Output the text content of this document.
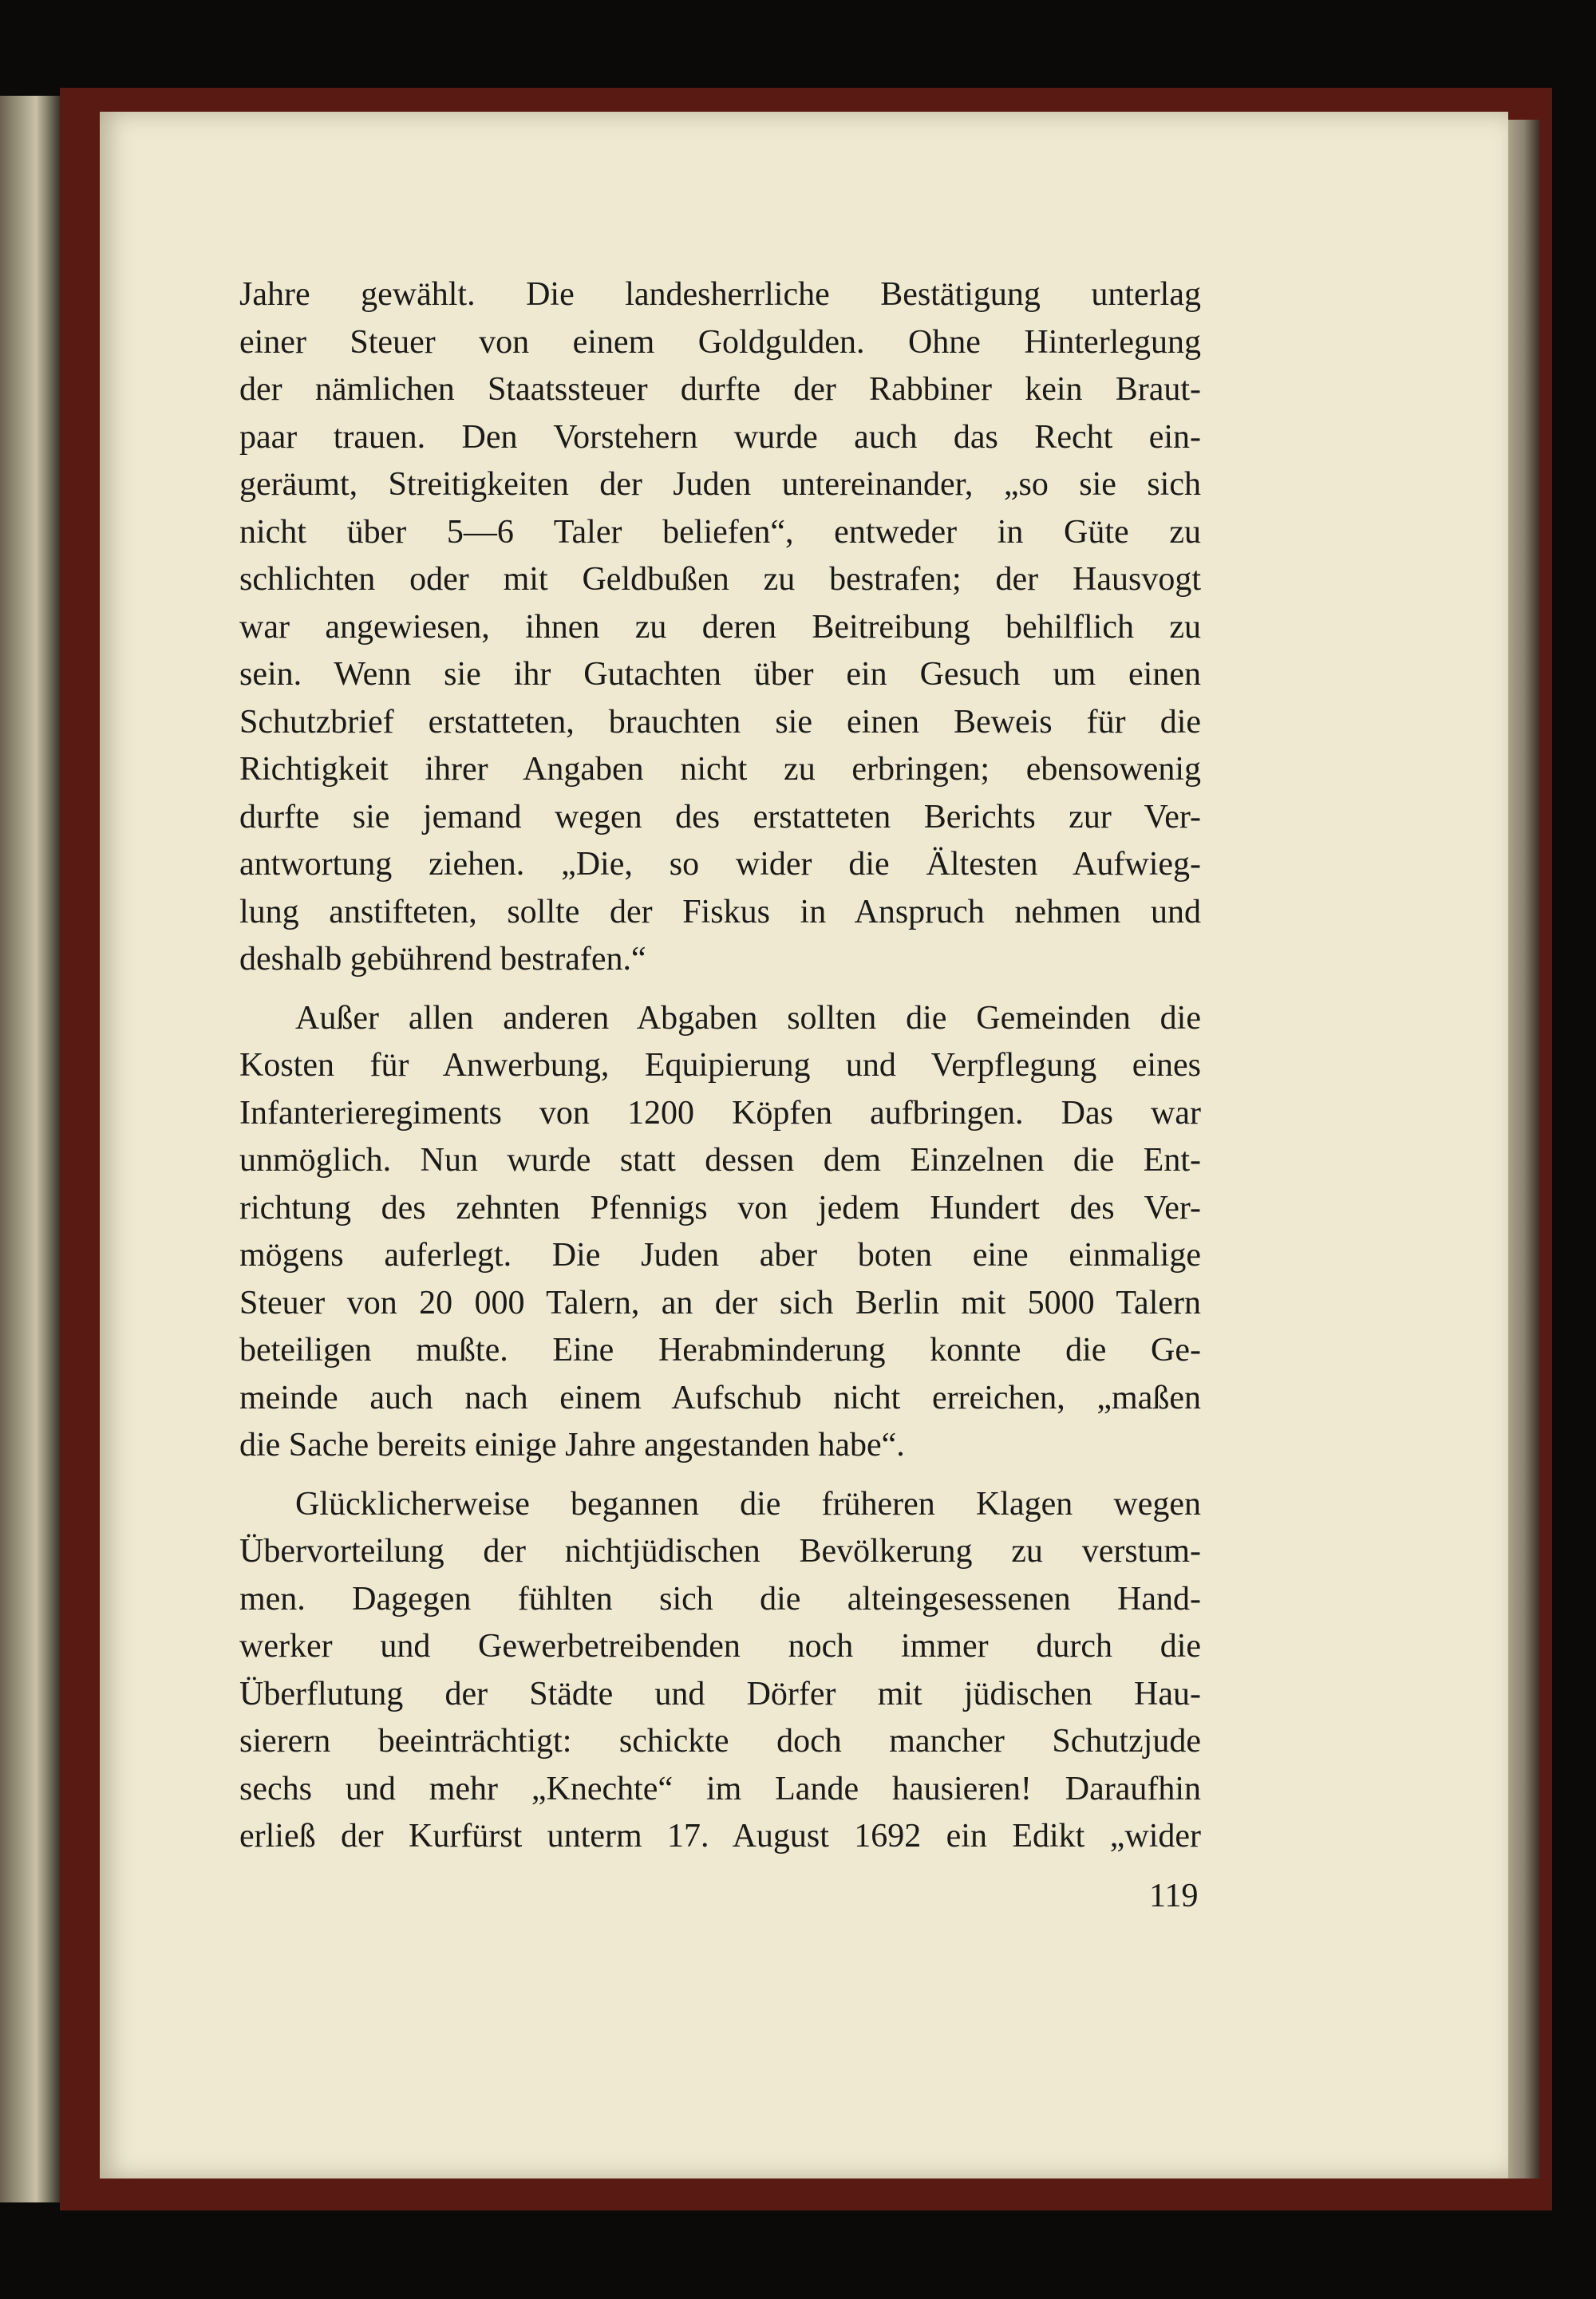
Jahre gewählt. Die landesherrliche Bestätigung unterlag
einer Steuer von einem Goldgulden. Ohne Hinterlegung
der nämlichen Staatssteuer durfte der Rabbiner kein Braut-
paar trauen. Den Vorstehern wurde auch das Recht ein-
geräumt, Streitigkeiten der Juden untereinander, „so sie sich
nicht über 5—6 Taler beliefen“, entweder in Güte zu
schlichten oder mit Geldbußen zu bestrafen; der Hausvogt
war angewiesen, ihnen zu deren Beitreibung behilflich zu
sein. Wenn sie ihr Gutachten über ein Gesuch um einen
Schutzbrief erstatteten, brauchten sie einen Beweis für die
Richtigkeit ihrer Angaben nicht zu erbringen; ebensowenig
durfte sie jemand wegen des erstatteten Berichts zur Ver-
antwortung ziehen. „Die, so wider die Ältesten Aufwieg-
lung anstifteten, sollte der Fiskus in Anspruch nehmen und
deshalb gebührend bestrafen.“
Außer allen anderen Abgaben sollten die Gemeinden die
Kosten für Anwerbung, Equipierung und Verpflegung eines
Infanterieregiments von 1200 Köpfen aufbringen. Das war
unmöglich. Nun wurde statt dessen dem Einzelnen die Ent-
richtung des zehnten Pfennigs von jedem Hundert des Ver-
mögens auferlegt. Die Juden aber boten eine einmalige
Steuer von 20 000 Talern, an der sich Berlin mit 5000 Talern
beteiligen mußte. Eine Herabminderung konnte die Ge-
meinde auch nach einem Aufschub nicht erreichen, „maßen
die Sache bereits einige Jahre angestanden habe“.
Glücklicherweise begannen die früheren Klagen wegen
Übervorteilung der nichtjüdischen Bevölkerung zu verstum-
men. Dagegen fühlten sich die alteingesessenen Hand-
werker und Gewerbetreibenden noch immer durch die
Überflutung der Städte und Dörfer mit jüdischen Hau-
sierern beeinträchtigt: schickte doch mancher Schutzjude
sechs und mehr „Knechte“ im Lande hausieren! Daraufhin
erließ der Kurfürst unterm 17. August 1692 ein Edikt „wider
119
